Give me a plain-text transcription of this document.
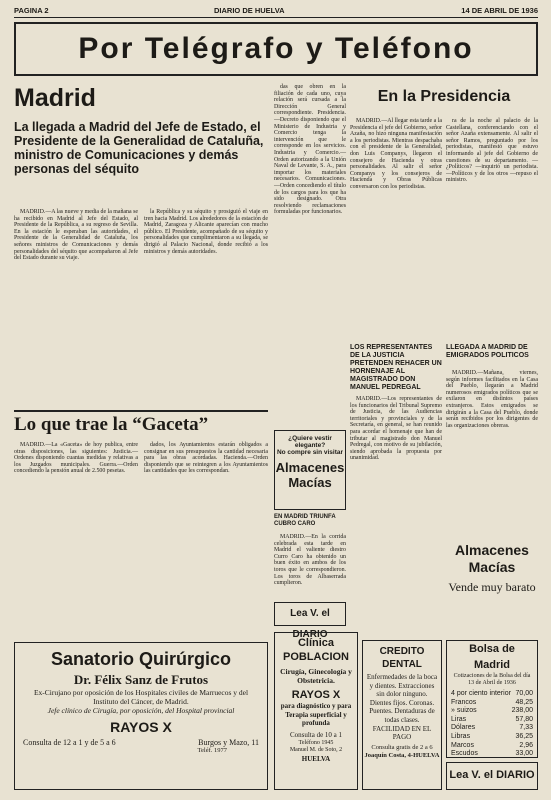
PAGINA 2	DIARIO DE HUELVA	14 DE ABRIL DE 1936
Por Telégrafo y Teléfono
Madrid
La llegada a Madrid del Jefe de Estado, el Presidente de la Generalidad de Cataluña, ministro de Comunicaciones y demás personas del séquito

MADRID.—A las nueve y media de la mañana se ha recibido en Madrid al Jefe del Estado, al Presidente de la República, a su regreso de Sevilla. En la estación le esperaban las autoridades, el Presidente de la Generalidad de Cataluña, los señores ministros de Comunicaciones y demás personalidades del séquito que acompañaron al Jefe del Estado durante su viaje.

la República y su séquito y prosiguió el viaje en tren hacia Madrid. Los alrededores de la estación de Madrid, Zaragoza y Alicante aparecían con mucho público. El Presidente, acompañado de su séquito y personalidades que cumplimentaron a su llegada, se dirigió al Palacio Nacional, donde recibió a los ministros y demás autoridades.

Lo que trae la “Gaceta”

MADRID.—La «Gaceta» de hoy publica, entre otras disposiciones, las siguientes: Justicia.—Ordenes disponiendo cuantas medidas y relativas a los Juzgados municipales. Guerra.—Orden concediendo la pensión anual de 2.500 pesetas.

dados, los Ayuntamientos estarán obligados a consignar en sus presupuestos la cantidad necesaria para las obras acordadas. Hacienda.—Orden disponiendo que se reintegren a los Ayuntamientos las cantidades que les correspondan.

das que obren en la filiación de cada uno, cuya relación será cursada a la Dirección General correspondiente. Presidencia.—Decreto disponiendo que el Ministerio de Industria y Comercio tenga la intervención que le corresponde en los servicios. Industria y Comercio.—Orden autorizando a la Unión Naval de Levante, S. A., para importar los materiales necesarios. Comunicaciones.—Orden concediendo el título de los cargos para los que ha sido designado. Otra resolviendo reclamaciones formuladas por funcionarios.

En la Presidencia

MADRID.—Al llegar esta tarde a la Presidencia el jefe del Gobierno, señor Azaña, no hizo ninguna manifestación a los periodistas. Mientras despachaba con el presidente de la Generalidad, don Luis Companys, llegaron el consejero de Hacienda y otras personalidades. Al salir el señor Companys y los consejeros de Hacienda y Obras Públicas conversaron con los periodistas.

ra de la noche al palacio de la Castellana, conferenciando con el señor Azaña extensamente. Al salir el señor Ramos, preguntado por los periodistas, manifestó que estuvo informando al jefe del Gobierno de cuestiones de su departamento. —¿Políticos? —inquirió un periodista. —Políticos y de los otros —repuso el ministro.

LOS REPRESENTANTES DE LA JUSTICIA PRETENDEN REHACER UN HORNENAJE AL MAGISTRADO DON MANUEL PEDREGAL

MADRID.—Los representantes de los funcionarios del Tribunal Supremo de Justicia, de las Audiencias territoriales y provinciales y de la Secretaría, en general, se han reunido para acordar el homenaje que han de tributar al magistrado don Manuel Pedregal, con motivo de su jubilación, siendo aprobada la propuesta por unanimidad.

LLEGADA A MADRID DE EMIGRADOS POLITICOS

MADRID.—Mañana, viernes, según informes facilitados en la Casa del Pueblo, llegarán a Madrid numerosos emigrados políticos que se exilaron en distintos países extranjeros. Estos emigrados se dirigirán a la Casa del Pueblo, donde serán recibidos por los dirigentes de las organizaciones obreras.

Almacenes Macías
Vende muy barato
¿Quiere vestir elegante?
No compre sin visitar
Almacenes Macías
EN MADRID TRIUNFA CUBRO CARO

MADRID.—En la corrida celebrada esta tarde en Madrid el valiente diestro Curro Caro ha obtenido un buen éxito en ambos de los toros que le correspondieron. Los toros de Albaserrada cumplieron.

Lea V. el DIARIO
Sanatorio Quirúrgico
Dr. Félix Sanz de Frutos
Ex-Cirujano por oposición de los Hospitales civiles de Marruecos y del Instituto del Cáncer, de Madrid.
Jefe clínico de Cirugía, por oposición, del Hospital provincial
RAYOS X
Consulta de 12 a 1 y de 5 a 6	Burgos y Mazo, 11
Teléf. 1977
Clínica POBLACION
Cirugía, Ginecología y Obstetricia.
RAYOS X
para diagnóstico y para Terapia superficial y profunda
Consulta de 10 a 1
Teléfono 1945
Manuel M. de Soto, 2
HUELVA
CREDITO DENTAL
Enfermedades de la boca y dientes. Extracciones sin dolor ninguno. Dientes fijos. Coronas. Puentes. Dentaduras de todas clases. FACILIDAD EN EL PAGO
Consulta gratis de 2 a 6
Joaquín Costa, 4-HUELVA
Bolsa de Madrid
Cotizaciones de la Bolsa del día 13 de Abril de 1936
4 por ciento interior 70,00
Francos	48,25
» suizos	238,00
Liras	57,80
Dólares	7,33
Libras	36,25
Marcos	2,96
Escudos	33,00
Lea V. el DIARIO
